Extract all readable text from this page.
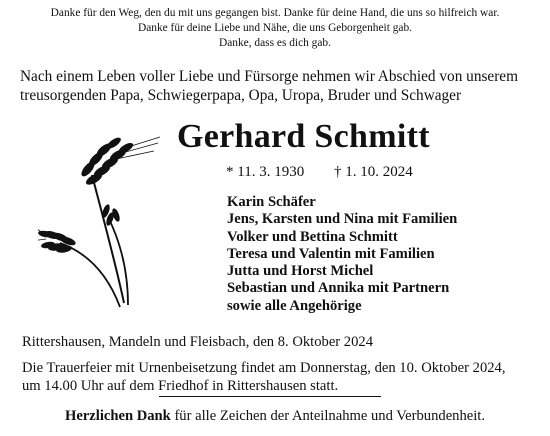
Danke für den Weg, den du mit uns gegangen bist. Danke für deine Hand, die uns so hilfreich war.
Danke für deine Liebe und Nähe, die uns Geborgenheit gab.
Danke, dass es dich gab.
Nach einem Leben voller Liebe und Fürsorge nehmen wir Abschied von unserem
treusorgenden Papa, Schwiegerpapa, Opa, Uropa, Bruder und Schwager
Gerhard Schmitt
* 11. 3. 1930 † 1. 10. 2024
Karin Schäfer
Jens, Karsten und Nina mit Familien
Volker und Bettina Schmitt
Teresa und Valentin mit Familien
Jutta und Horst Michel
Sebastian und Annika mit Partnern
sowie alle Angehörige
Rittershausen, Mandeln und Fleisbach, den 8. Oktober 2024
Die Trauerfeier mit Urnenbeisetzung findet am Donnerstag, den 10. Oktober 2024,
um 14.00 Uhr auf dem Friedhof in Rittershausen statt.
Herzlichen Dank für alle Zeichen der Anteilnahme und Verbundenheit.
